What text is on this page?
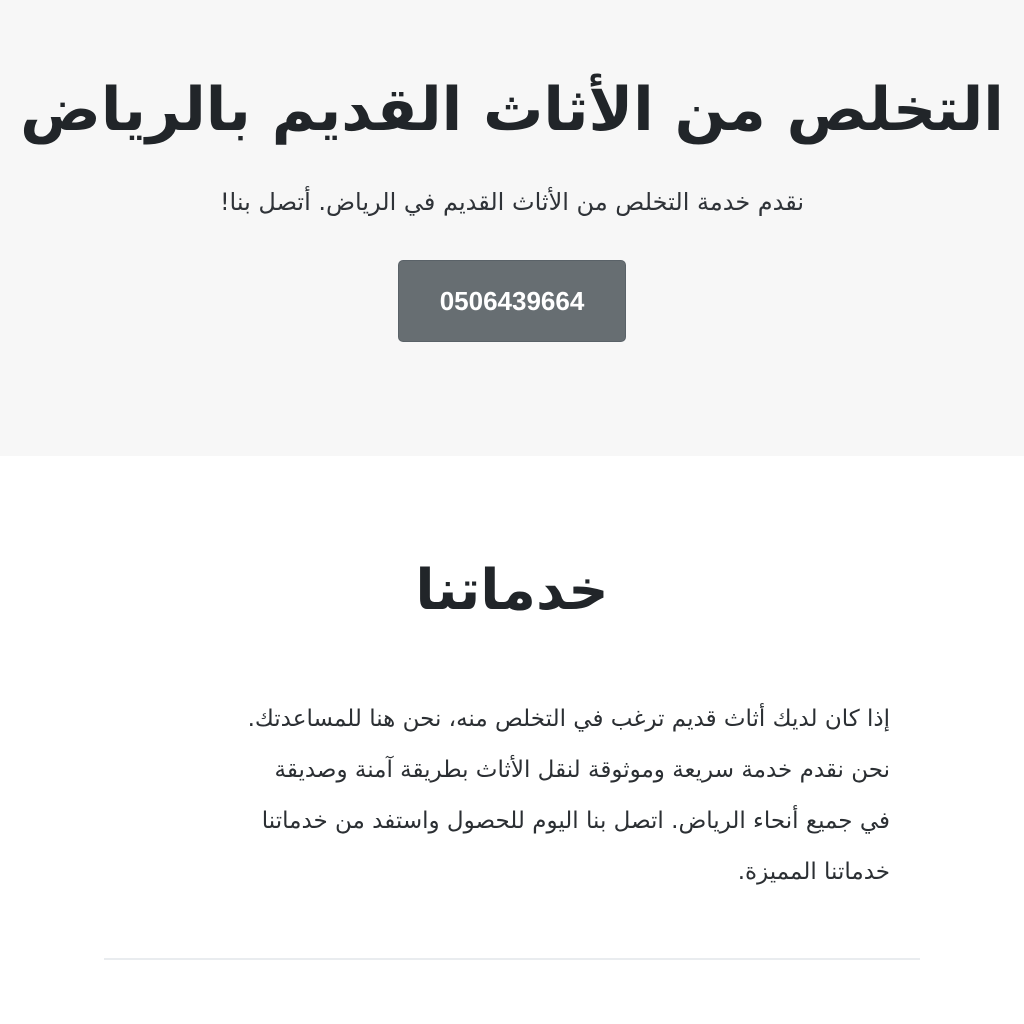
التخلص من الأثاث القديم بالرياض

نقدم خدمة التخلص من الأثاث القديم في الرياض. أتصل بنا!

0506439664
خدماتنا

إذا كان لديك أثاث قديم ترغب في التخلص منه، نحن هنا للمساعدتك.
نحن نقدم خدمة سريعة وموثوقة لنقل الأثاث بطريقة آمنة وصديقة
في جميع أنحاء الرياض. اتصل بنا اليوم للحصول واستفد من خدماتنا
خدماتنا المميزة.
